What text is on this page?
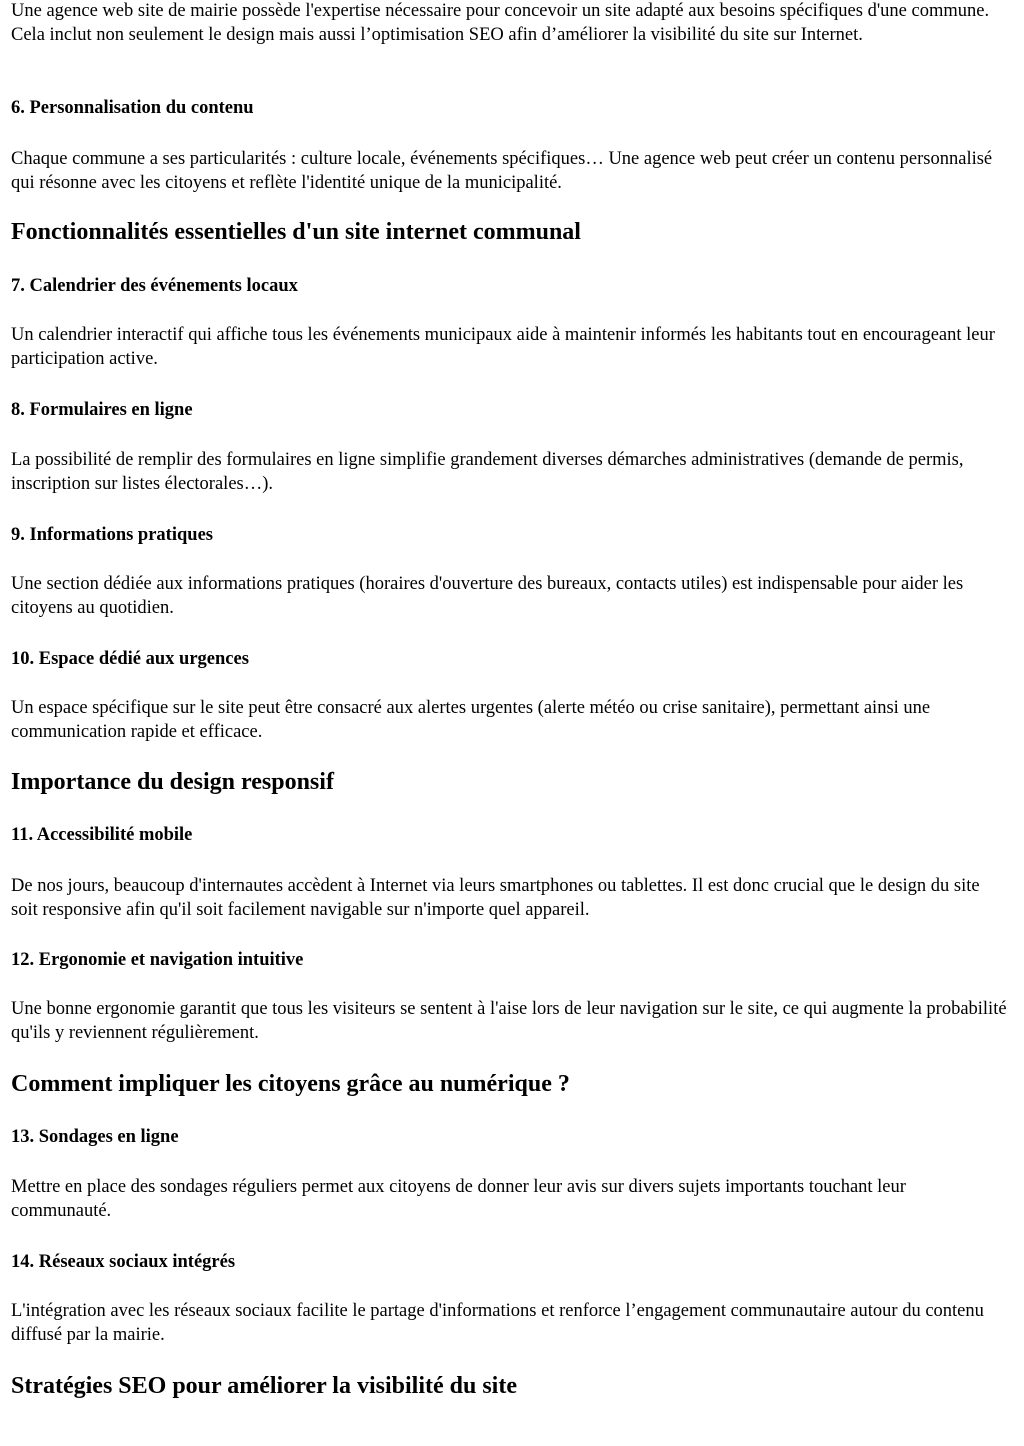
Une agence web site de mairie possède l'expertise nécessaire pour concevoir un site adapté aux besoins spécifiques d'une commune. Cela inclut non seulement le design mais aussi l’optimisation SEO afin d’améliorer la visibilité du site sur Internet.

6. Personnalisation du contenu

Chaque commune a ses particularités : culture locale, événements spécifiques… Une agence web peut créer un contenu personnalisé qui résonne avec les citoyens et reflète l'identité unique de la municipalité.

Fonctionnalités essentielles d'un site internet communal
7. Calendrier des événements locaux

Un calendrier interactif qui affiche tous les événements municipaux aide à maintenir informés les habitants tout en encourageant leur participation active.

8. Formulaires en ligne

La possibilité de remplir des formulaires en ligne simplifie grandement diverses démarches administratives (demande de permis, inscription sur listes électorales…).

9. Informations pratiques

Une section dédiée aux informations pratiques (horaires d'ouverture des bureaux, contacts utiles) est indispensable pour aider les citoyens au quotidien.

10. Espace dédié aux urgences

Un espace spécifique sur le site peut être consacré aux alertes urgentes (alerte météo ou crise sanitaire), permettant ainsi une communication rapide et efficace.

Importance du design responsif
11. Accessibilité mobile

De nos jours, beaucoup d'internautes accèdent à Internet via leurs smartphones ou tablettes. Il est donc crucial que le design du site soit responsive afin qu'il soit facilement navigable sur n'importe quel appareil.

12. Ergonomie et navigation intuitive

Une bonne ergonomie garantit que tous les visiteurs se sentent à l'aise lors de leur navigation sur le site, ce qui augmente la probabilité qu'ils y reviennent régulièrement.

Comment impliquer les citoyens grâce au numérique ?
13. Sondages en ligne

Mettre en place des sondages réguliers permet aux citoyens de donner leur avis sur divers sujets importants touchant leur communauté.

14. Réseaux sociaux intégrés

L'intégration avec les réseaux sociaux facilite le partage d'informations et renforce l’engagement communautaire autour du contenu diffusé par la mairie.

Stratégies SEO pour améliorer la visibilité du site
